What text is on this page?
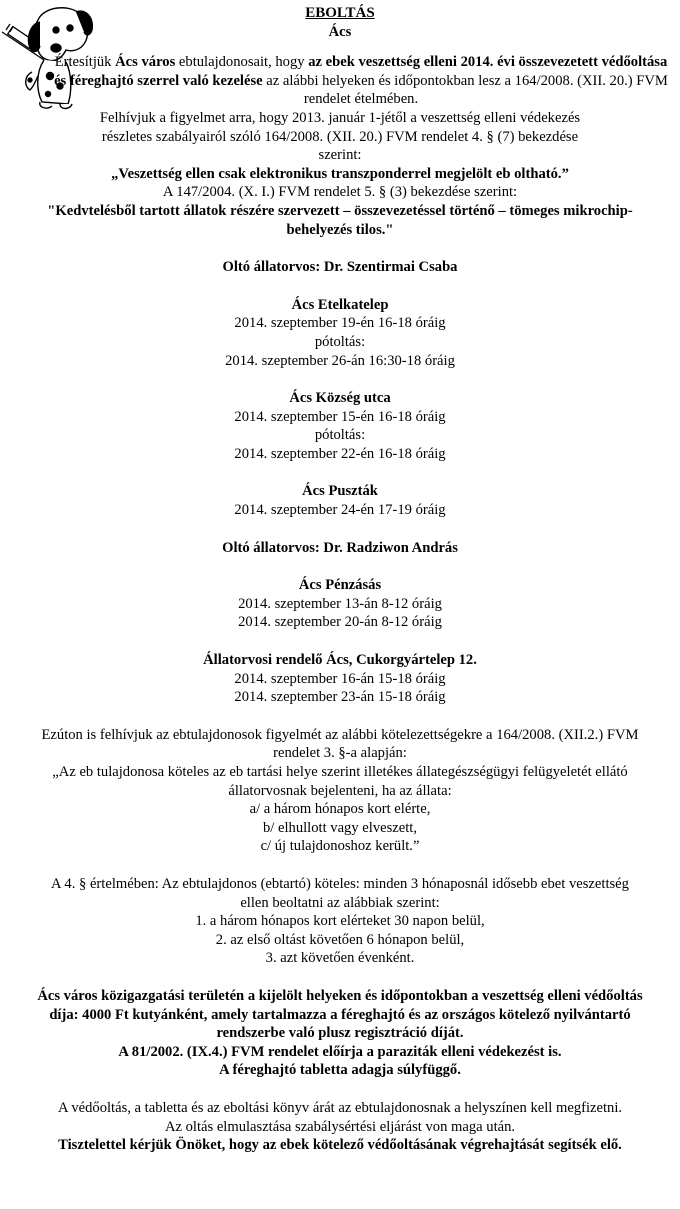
EBOLTÁS

Ács

Értesítjük Ács város ebtulajdonosait, hogy az ebek veszettség elleni 2014. évi összevezetett védőoltása és féreghajtó szerrel való kezelése az alábbi helyeken és időpontokban lesz a 164/2008. (XII. 20.) FVM rendelet ételmében.

Felhívjuk a figyelmet arra, hogy 2013. január 1-jétől a veszettség elleni védekezés részletes szabályairól szóló 164/2008. (XII. 20.) FVM rendelet 4. § (7) bekezdése szerint:

„Veszettség ellen csak elektronikus transzponderrel megjelölt eb oltható.”

A 147/2004. (X. I.) FVM rendelet 5. § (3) bekezdése szerint:

"Kedvtelésből tartott állatok részére szervezett – összevezetéssel történő – tömeges mikrochip-behelyezés tilos."

Oltó állatorvos: Dr. Szentirmai Csaba

Ács Etelkatelep

2014. szeptember 19-én 16-18 óráig

pótoltás:

2014. szeptember 26-án 16:30-18 óráig

Ács Község utca

2014. szeptember 15-én 16-18 óráig

pótoltás:

2014. szeptember 22-én 16-18 óráig

Ács Puszták

2014. szeptember 24-én 17-19 óráig

Oltó állatorvos: Dr. Radziwon András

Ács Pénzásás

2014. szeptember 13-án 8-12 óráig

2014. szeptember 20-án 8-12 óráig

Állatorvosi rendelő Ács, Cukorgyártelep 12.

2014. szeptember 16-án 15-18 óráig

2014. szeptember 23-án 15-18 óráig

Ezúton is felhívjuk az ebtulajdonosok figyelmét az alábbi kötelezettségekre a 164/2008. (XII.2.) FVM rendelet 3. §-a alapján:

„Az eb tulajdonosa köteles az eb tartási helye szerint illetékes állategészségügyi felügyeletét ellátó állatorvosnak bejelenteni, ha az állata:

a/ a három hónapos kort elérte,

b/ elhullott vagy elveszett,

c/ új tulajdonoshoz került.”

A 4. § értelmében: Az ebtulajdonos (ebtartó) köteles: minden 3 hónaposnál idősebb ebet veszettség ellen beoltatni az alábbiak szerint:

1. a három hónapos kort elérteket 30 napon belül,

2. az első oltást követően 6 hónapon belül,

3. azt követően évenként.

Ács város közigazgatási területén a kijelölt helyeken és időpontokban a veszettség elleni védőoltás díja: 4000 Ft kutyánként, amely tartalmazza a féreghajtó és az országos kötelező nyilvántartó rendszerbe való plusz regisztráció díját.

A 81/2002. (IX.4.) FVM rendelet előírja a paraziták elleni védekezést is.

A féreghajtó tabletta adagja súlyfüggő.

A védőoltás, a tabletta és az eboltási könyv árát az ebtulajdonosnak a helyszínen kell megfizetni.

Az oltás elmulasztása szabálysértési eljárást von maga után.

Tisztelettel kérjük Önöket, hogy az ebek kötelező védőoltásának végrehajtását segítsék elő.
